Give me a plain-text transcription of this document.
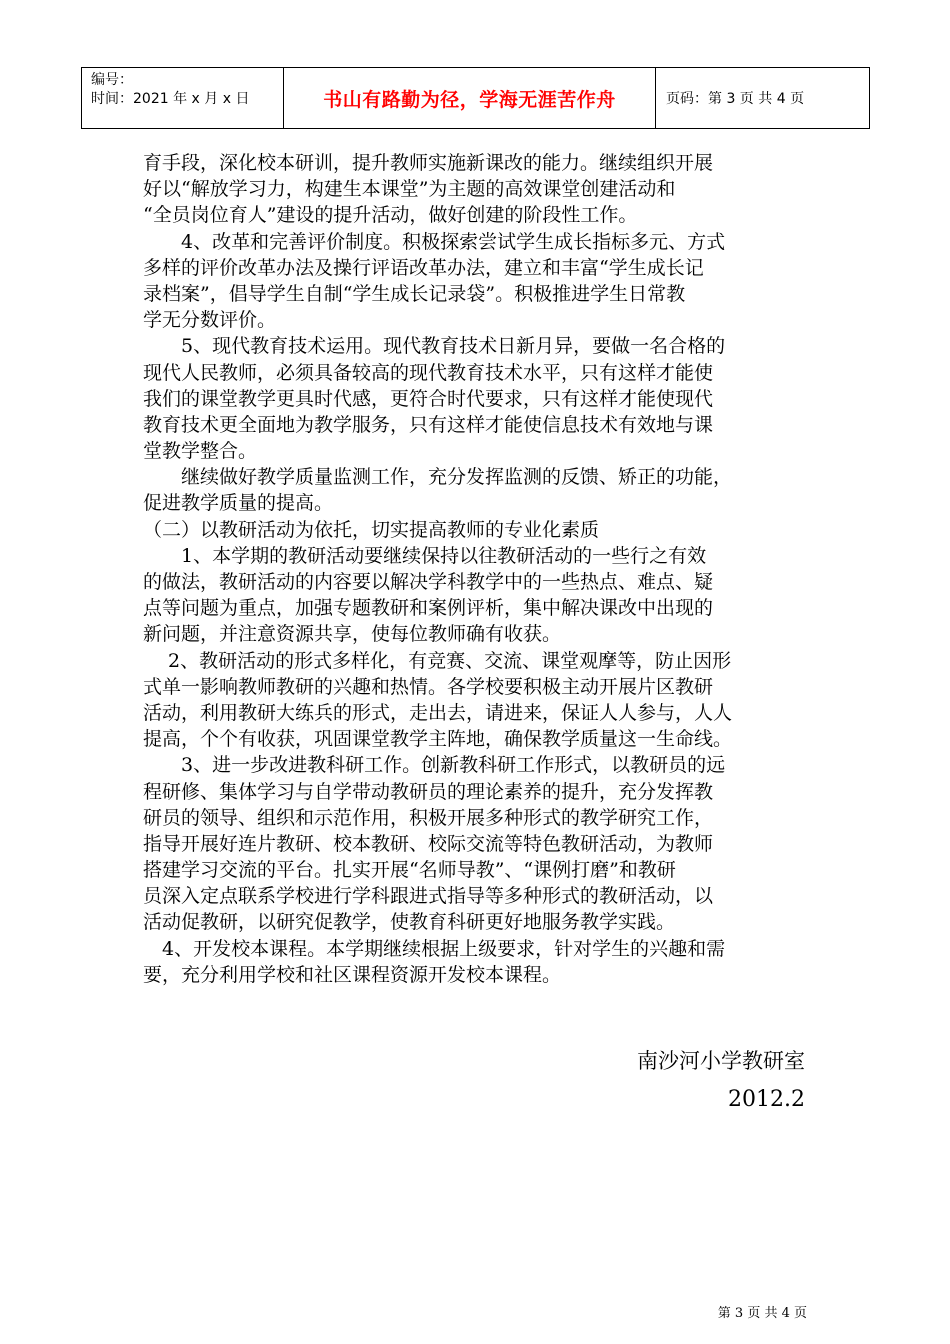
编号：
时间：2021 年 x 月 x 日	书山有路勤为径，学海无涯苦作舟	页码：第 3 页 共 4 页
育手段，深化校本研训，提升教师实施新课改的能力。继续组织开展
好以“解放学习力，构建生本课堂”为主题的高效课堂创建活动和
“全员岗位育人”建设的提升活动，做好创建的阶段性工作。
　　4、改革和完善评价制度。积极探索尝试学生成长指标多元、方式
多样的评价改革办法及操行评语改革办法，建立和丰富“学生成长记
录档案”，倡导学生自制“学生成长记录袋”。积极推进学生日常教
学无分数评价。
　　5、现代教育技术运用。现代教育技术日新月异，要做一名合格的
现代人民教师，必须具备较高的现代教育技术水平，只有这样才能使
我们的课堂教学更具时代感，更符合时代要求，只有这样才能使现代
教育技术更全面地为教学服务，只有这样才能使信息技术有效地与课
堂教学整合。
　　继续做好教学质量监测工作，充分发挥监测的反馈、矫正的功能，
促进教学质量的提高。
（二）以教研活动为依托，切实提高教师的专业化素质
　　1、本学期的教研活动要继续保持以往教研活动的一些行之有效
的做法，教研活动的内容要以解决学科教学中的一些热点、难点、疑
点等问题为重点，加强专题教研和案例评析，集中解决课改中出现的
新问题，并注意资源共享，使每位教师确有收获。
　 2、教研活动的形式多样化，有竞赛、交流、课堂观摩等，防止因形
式单一影响教师教研的兴趣和热情。各学校要积极主动开展片区教研
活动，利用教研大练兵的形式，走出去，请进来，保证人人参与，人人
提高，个个有收获，巩固课堂教学主阵地，确保教学质量这一生命线。
　　3、进一步改进教科研工作。创新教科研工作形式，以教研员的远
程研修、集体学习与自学带动教研员的理论素养的提升，充分发挥教
研员的领导、组织和示范作用，积极开展多种形式的教学研究工作，
指导开展好连片教研、校本教研、校际交流等特色教研活动，为教师
搭建学习交流的平台。扎实开展“名师导教”、“课例打磨”和教研
员深入定点联系学校进行学科跟进式指导等多种形式的教研活动，以
活动促教研，以研究促教学，使教育科研更好地服务教学实践。
　4、开发校本课程。本学期继续根据上级要求，针对学生的兴趣和需
要，充分利用学校和社区课程资源开发校本课程。
南沙河小学教研室
2012.2
第 3 页 共 4 页
